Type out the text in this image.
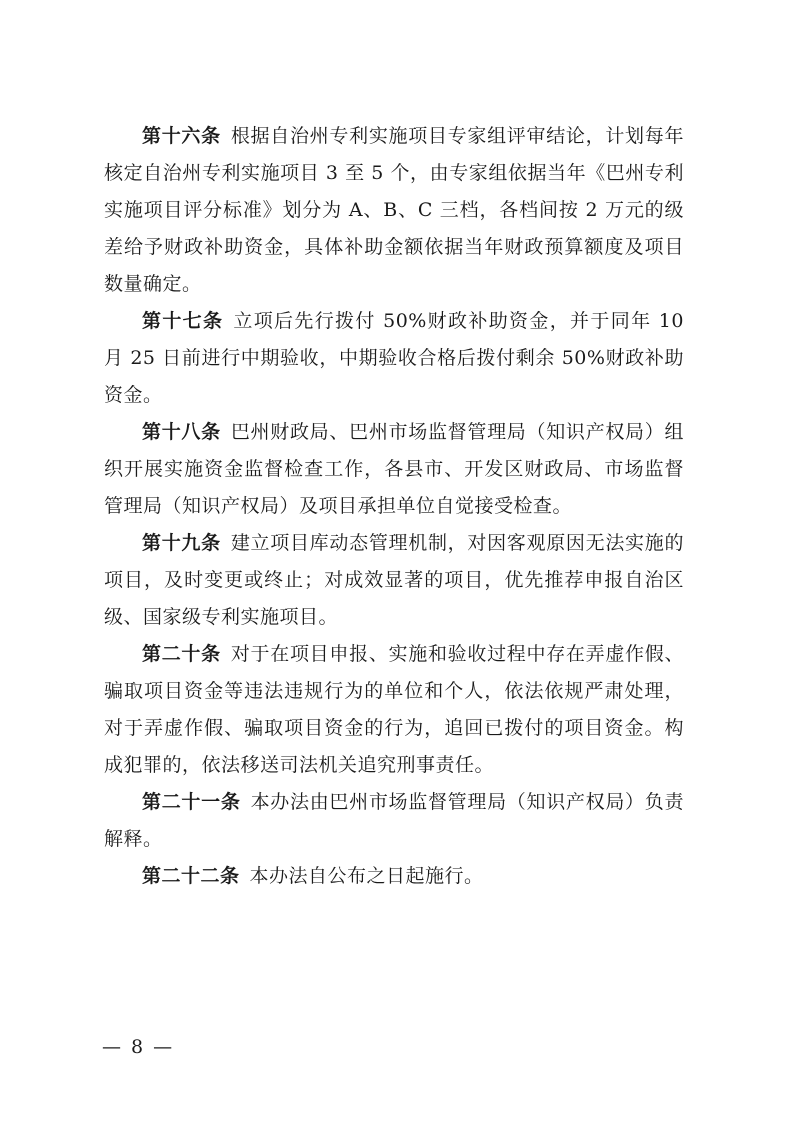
第十六条 根据自治州专利实施项目专家组评审结论，计划每年核定自治州专利实施项目 3 至 5 个，由专家组依据当年《巴州专利实施项目评分标准》划分为 A、B、C 三档，各档间按 2 万元的级差给予财政补助资金，具体补助金额依据当年财政预算额度及项目数量确定。

第十七条 立项后先行拨付 50%财政补助资金，并于同年 10 月 25 日前进行中期验收，中期验收合格后拨付剩余 50%财政补助资金。

第十八条 巴州财政局、巴州市场监督管理局（知识产权局）组织开展实施资金监督检查工作，各县市、开发区财政局、市场监督管理局（知识产权局）及项目承担单位自觉接受检查。

第十九条 建立项目库动态管理机制，对因客观原因无法实施的项目，及时变更或终止；对成效显著的项目，优先推荐申报自治区级、国家级专利实施项目。

第二十条 对于在项目申报、实施和验收过程中存在弄虚作假、骗取项目资金等违法违规行为的单位和个人，依法依规严肃处理，对于弄虚作假、骗取项目资金的行为，追回已拨付的项目资金。构成犯罪的，依法移送司法机关追究刑事责任。

第二十一条 本办法由巴州市场监督管理局（知识产权局）负责解释。

第二十二条 本办法自公布之日起施行。

— 8 —
